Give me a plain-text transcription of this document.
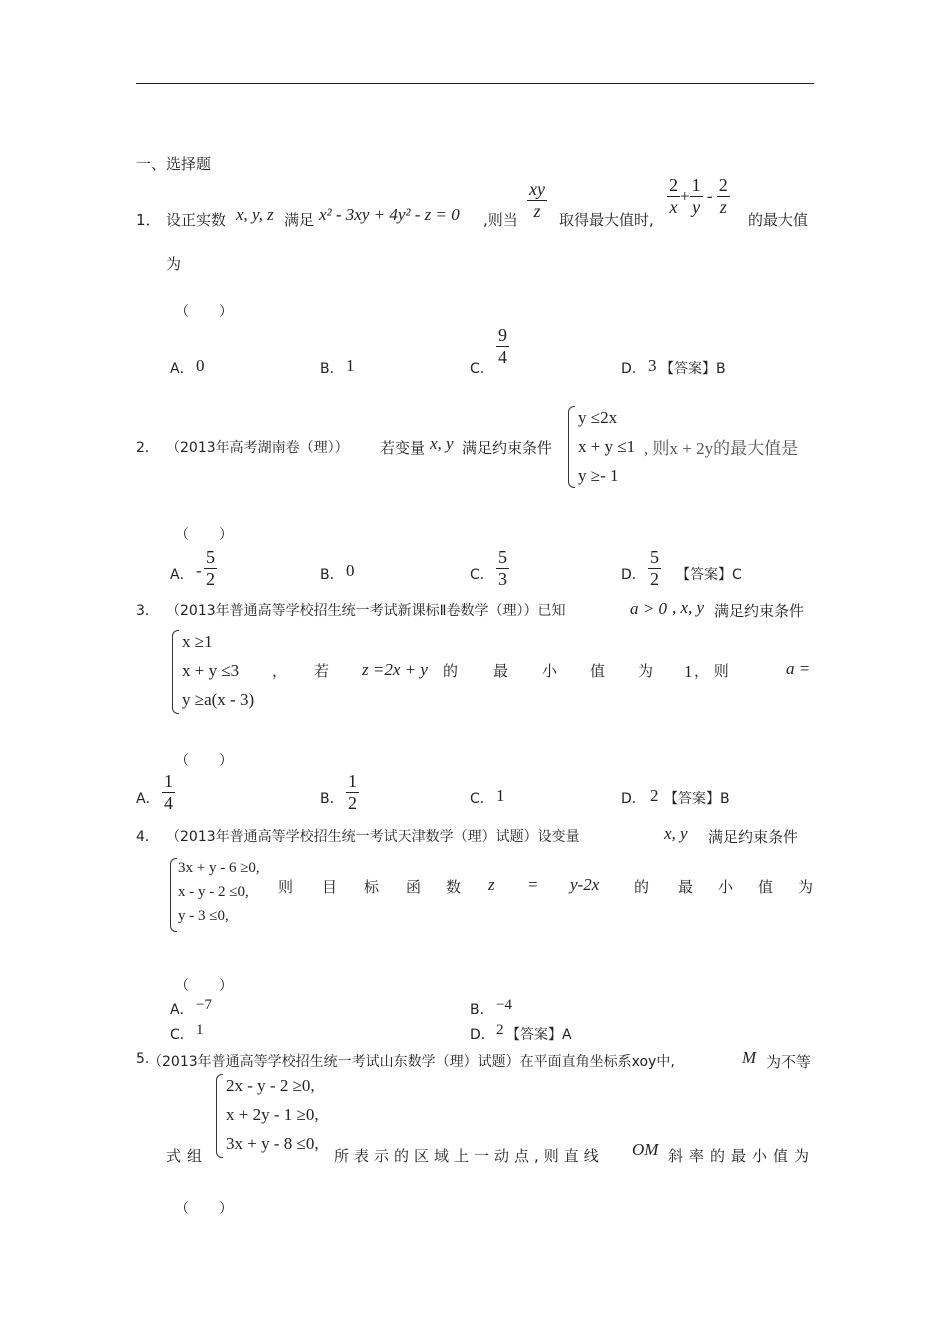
一、选择题
1． 设正实数 x, y, z 满足 x² - 3xy + 4y² - z = 0 ,则当 $\frac{xy}{z}$ 取得最大值时,
$\frac{2}{x} + \frac{1}{y} - \frac{2}{z}$
的最大值
为
（）
A． 0	B． 1	C．
$\frac{9}{4}$
D． 3 【答案】B
2． （2013年高考湖南卷（理）） 若变量 x, y 满足约束条件
y ≤2x
x + y ≤1
y ≥- 1
, 则x + 2y的最大值是
（）
A． - $\frac{5}{2}$	B． 0	C． $\frac{5}{3}$	D． $\frac{5}{2}$ 【答案】C
3． （2013年普通高等学校招生统一考试新课标Ⅱ卷数学（理））已知	a > 0 , x, y 满足约束条件
x ≥1
x + y ≤3
y ≥a(x - 3)
， 若 z =2x + y 的 最 小 值 为 1 ， 则	a =
（）
A． $\frac{1}{4}$	B． $\frac{1}{2}$	C． 1	D． 2 【答案】B
4． （2013年普通高等学校招生统一考试天津数学（理）试题）设变量	x, y 满足约束条件
3x + y - 6 ≥0,
x - y - 2 ≤0,
y - 3 ≤0,
则 目 标 函 数 z = y-2x 的 最 小 值 为
（）
A． −7	B． −4
C． 1	D． 2 【答案】A
5.
（2013年普通高等学校招生统一考试山东数学（理）试题）在平面直角坐标系xoy中,	M 为不等
2x - y - 2 ≥0,
x + 2y - 1 ≥0,
3x + y - 8 ≤0,
式组	所表示的区域上一动点,则直线 OM 斜率的最小值为
（）
